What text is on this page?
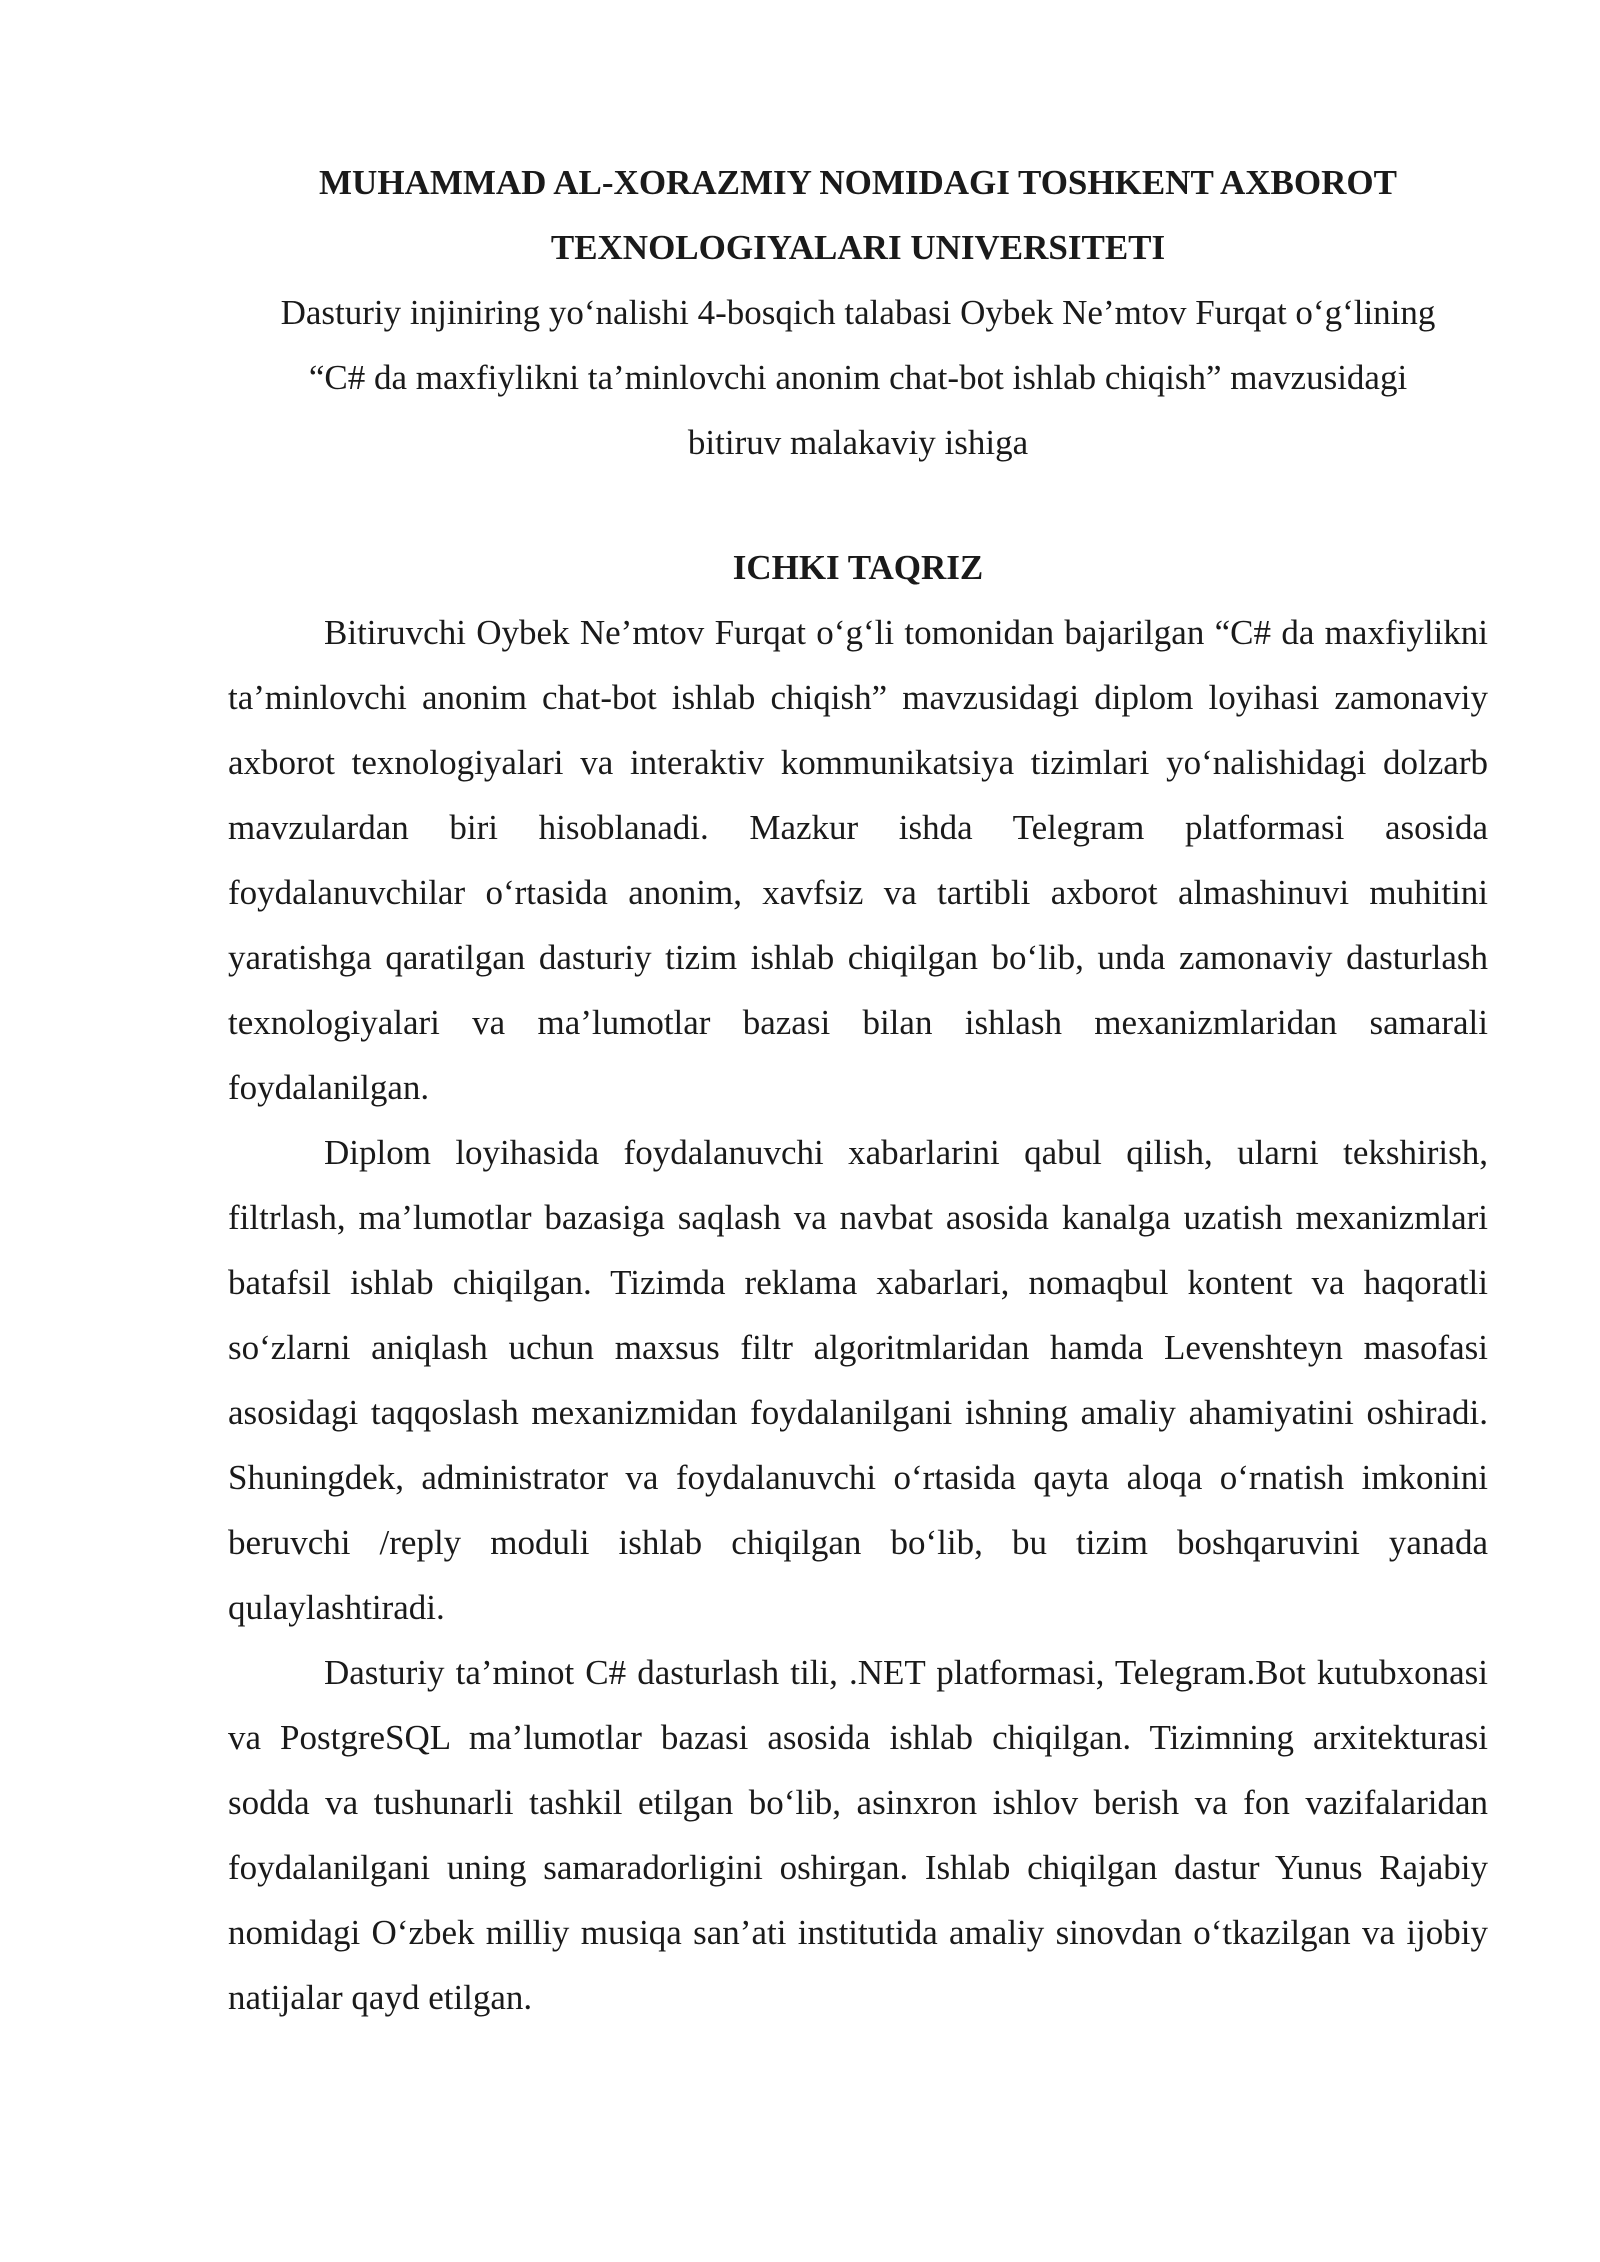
MUHAMMAD AL-XORAZMIY NOMIDAGI TOSHKENT AXBOROT
TEXNOLOGIYALARI UNIVERSITETI
Dasturiy injiniring yo‘nalishi 4-bosqich talabasi Oybek Ne’mtov Furqat o‘g‘lining
“C# da maxfiylikni ta’minlovchi anonim chat-bot ishlab chiqish” mavzusidagi
bitiruv malakaviy ishiga
ICHKI TAQRIZ

Bitiruvchi Oybek Ne’mtov Furqat o‘g‘li tomonidan bajarilgan “C# da maxfiylikni ta’minlovchi anonim chat-bot ishlab chiqish” mavzusidagi diplom loyihasi zamonaviy axborot texnologiyalari va interaktiv kommunikatsiya tizimlari yo‘nalishidagi dolzarb mavzulardan biri hisoblanadi. Mazkur ishda Telegram platformasi asosida foydalanuvchilar o‘rtasida anonim, xavfsiz va tartibli axborot almashinuvi muhitini yaratishga qaratilgan dasturiy tizim ishlab chiqilgan bo‘lib, unda zamonaviy dasturlash texnologiyalari va ma’lumotlar bazasi bilan ishlash mexanizmlaridan samarali foydalanilgan.

Diplom loyihasida foydalanuvchi xabarlarini qabul qilish, ularni tekshirish, filtrlash, ma’lumotlar bazasiga saqlash va navbat asosida kanalga uzatish mexanizmlari batafsil ishlab chiqilgan. Tizimda reklama xabarlari, nomaqbul kontent va haqoratli so‘zlarni aniqlash uchun maxsus filtr algoritmlaridan hamda Levenshteyn masofasi asosidagi taqqoslash mexanizmidan foydalanilgani ishning amaliy ahamiyatini oshiradi. Shuningdek, administrator va foydalanuvchi o‘rtasida qayta aloqa o‘rnatish imkonini beruvchi /reply moduli ishlab chiqilgan bo‘lib, bu tizim boshqaruvini yanada qulaylashtiradi.

Dasturiy ta’minot C# dasturlash tili, .NET platformasi, Telegram.Bot kutubxonasi va PostgreSQL ma’lumotlar bazasi asosida ishlab chiqilgan. Tizimning arxitekturasi sodda va tushunarli tashkil etilgan bo‘lib, asinxron ishlov berish va fon vazifalaridan foydalanilgani uning samaradorligini oshirgan. Ishlab chiqilgan dastur Yunus Rajabiy nomidagi O‘zbek milliy musiqa san’ati institutida amaliy sinovdan o‘tkazilgan va ijobiy natijalar qayd etilgan.
